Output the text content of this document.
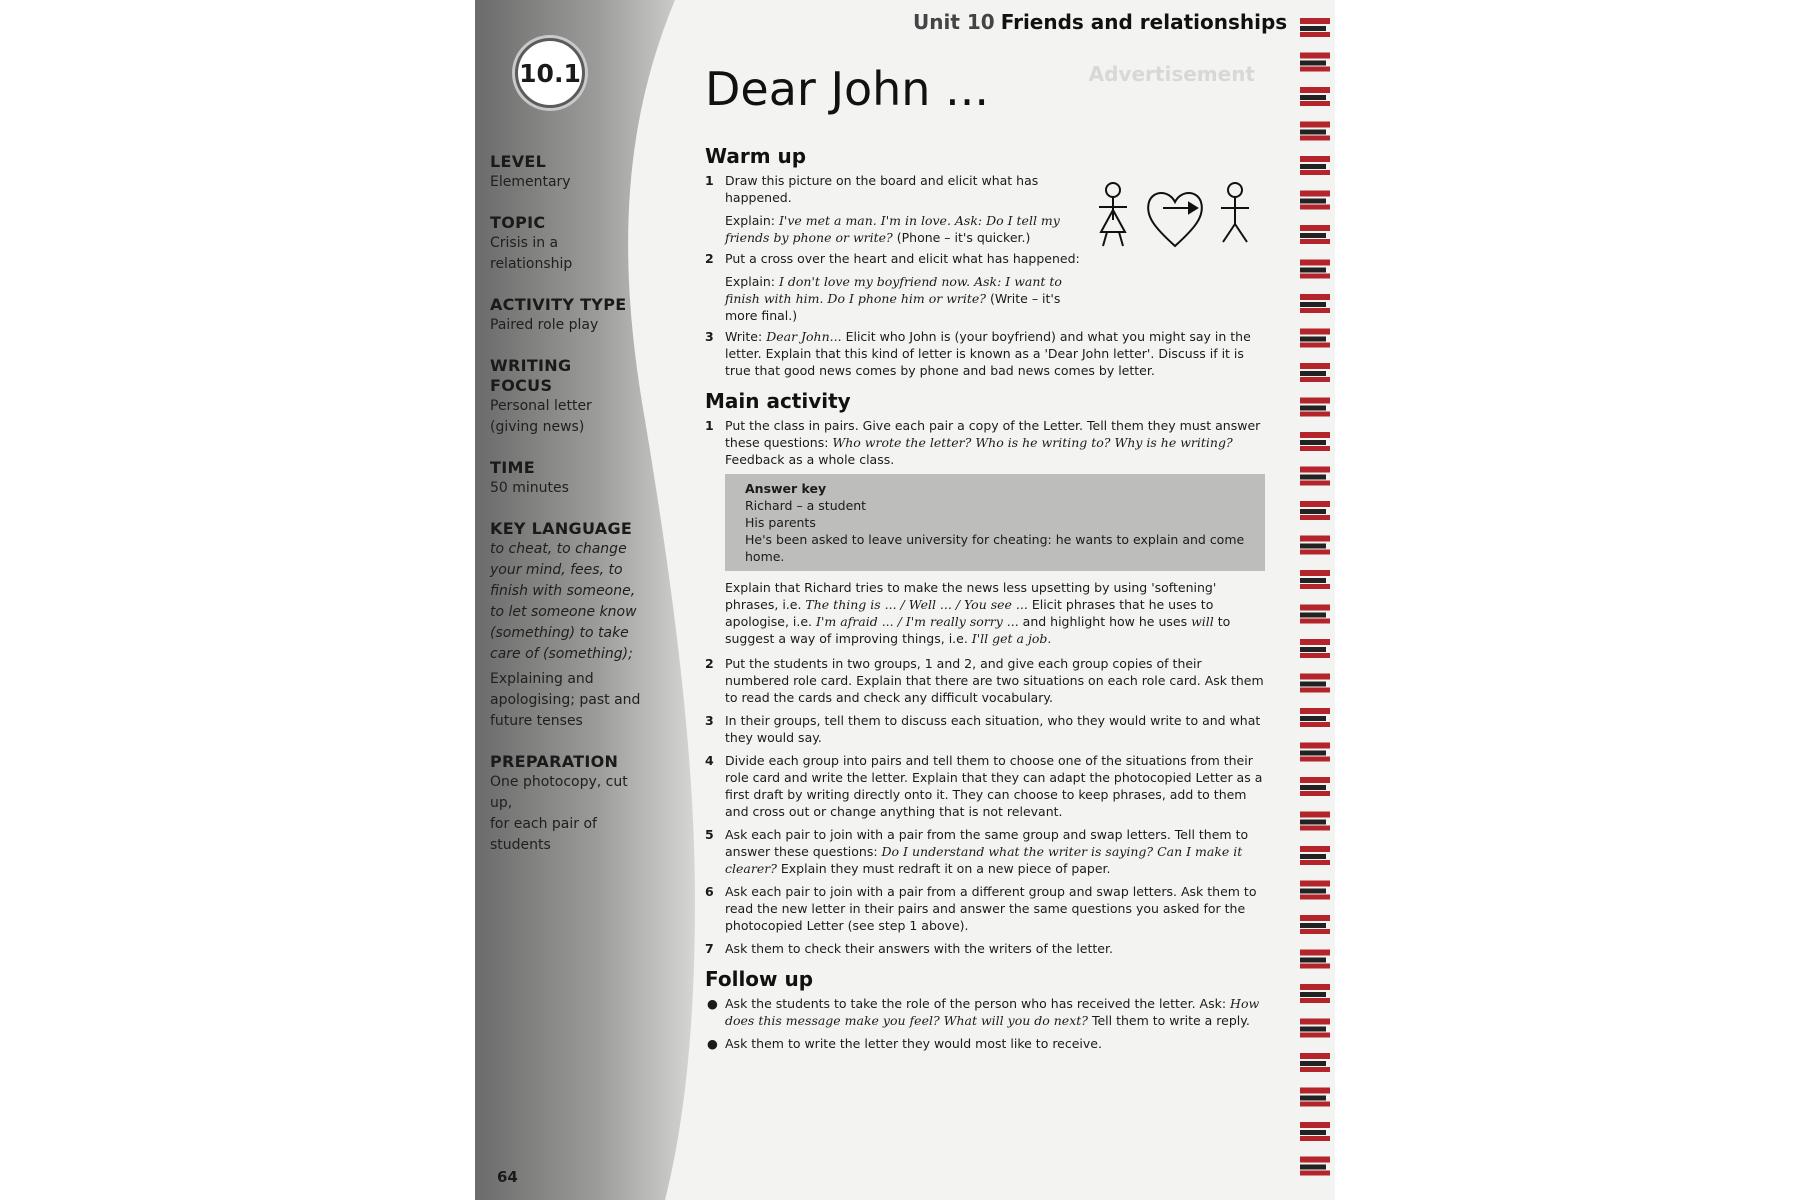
Advertisement
10.1
LEVEL
Elementary
TOPIC
Crisis in a
relationship
ACTIVITY TYPE
Paired role play
WRITING FOCUS
Personal letter
(giving news)
TIME
50 minutes
KEY LANGUAGE
to cheat, to change
your mind, fees, to
finish with someone,
to let someone know
(something) to take
care of (something);
Explaining and
apologising; past and
future tenses
PREPARATION
One photocopy, cut up,
for each pair of
students
64
Unit 10 Friends and relationships
Dear John ...
Warm up
1 Draw this picture on the board and elicit what has happened.

Explain: I've met a man. I'm in love. Ask: Do I tell my friends by phone or write? (Phone – it's quicker.)
2 Put a cross over the heart and elicit what has happened:

Explain: I don't love my boyfriend now. Ask: I want to finish with him. Do I phone him or write? (Write – it's more final.)
3 Write: Dear John... Elicit who John is (your boyfriend) and what you might say in the letter. Explain that this kind of letter is known as a 'Dear John letter'. Discuss if it is true that good news comes by phone and bad news comes by letter.

Main activity
1 Put the class in pairs. Give each pair a copy of the Letter. Tell them they must answer these questions: Who wrote the letter? Who is he writing to? Why is he writing? Feedback as a whole class.

Answer key
Richard – a student
His parents
He's been asked to leave university for cheating: he wants to explain and come home.
Explain that Richard tries to make the news less upsetting by using 'softening' phrases, i.e. The thing is ... / Well ... / You see ... Elicit phrases that he uses to apologise, i.e. I'm afraid ... / I'm really sorry ... and highlight how he uses will to suggest a way of improving things, i.e. I'll get a job.
2 Put the students in two groups, 1 and 2, and give each group copies of their numbered role card. Explain that there are two situations on each role card. Ask them to read the cards and check any difficult vocabulary.

3 In their groups, tell them to discuss each situation, who they would write to and what they would say.

4 Divide each group into pairs and tell them to choose one of the situations from their role card and write the letter. Explain that they can adapt the photocopied Letter as a first draft by writing directly onto it. They can choose to keep phrases, add to them and cross out or change anything that is not relevant.

5 Ask each pair to join with a pair from the same group and swap letters. Tell them to answer these questions: Do I understand what the writer is saying? Can I make it clearer? Explain they must redraft it on a new piece of paper.

6 Ask each pair to join with a pair from a different group and swap letters. Ask them to read the new letter in their pairs and answer the same questions you asked for the photocopied Letter (see step 1 above).

7 Ask them to check their answers with the writers of the letter.

Follow up
● Ask the students to take the role of the person who has received the letter. Ask: How does this message make you feel? What will you do next? Tell them to write a reply.
● Ask them to write the letter they would most like to receive.
